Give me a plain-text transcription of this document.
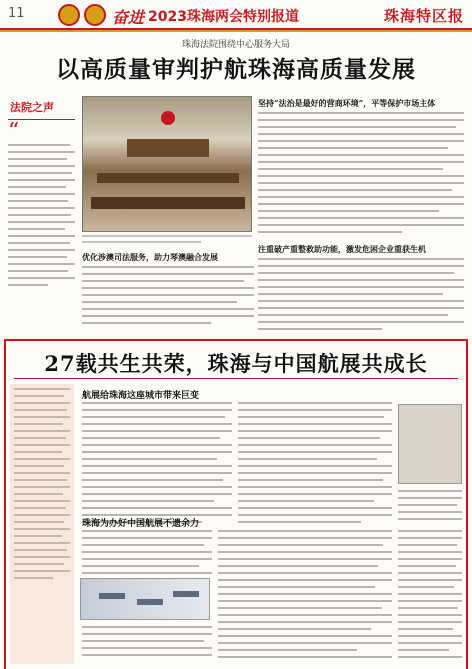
11	奋进 2023珠海两会特别报道	珠海特区报
珠海法院围绕中心服务大局
以高质量审判护航珠海高质量发展
法院之声
“
坚持“法治是最好的营商环境”，平等保护市场主体
注重破产重整救助功能，激发危困企业重获生机
优化涉澳司法服务，助力琴澳融合发展
27载共生共荣，珠海与中国航展共成长
航展给珠海这座城市带来巨变
珠海为办好中国航展不遗余力
